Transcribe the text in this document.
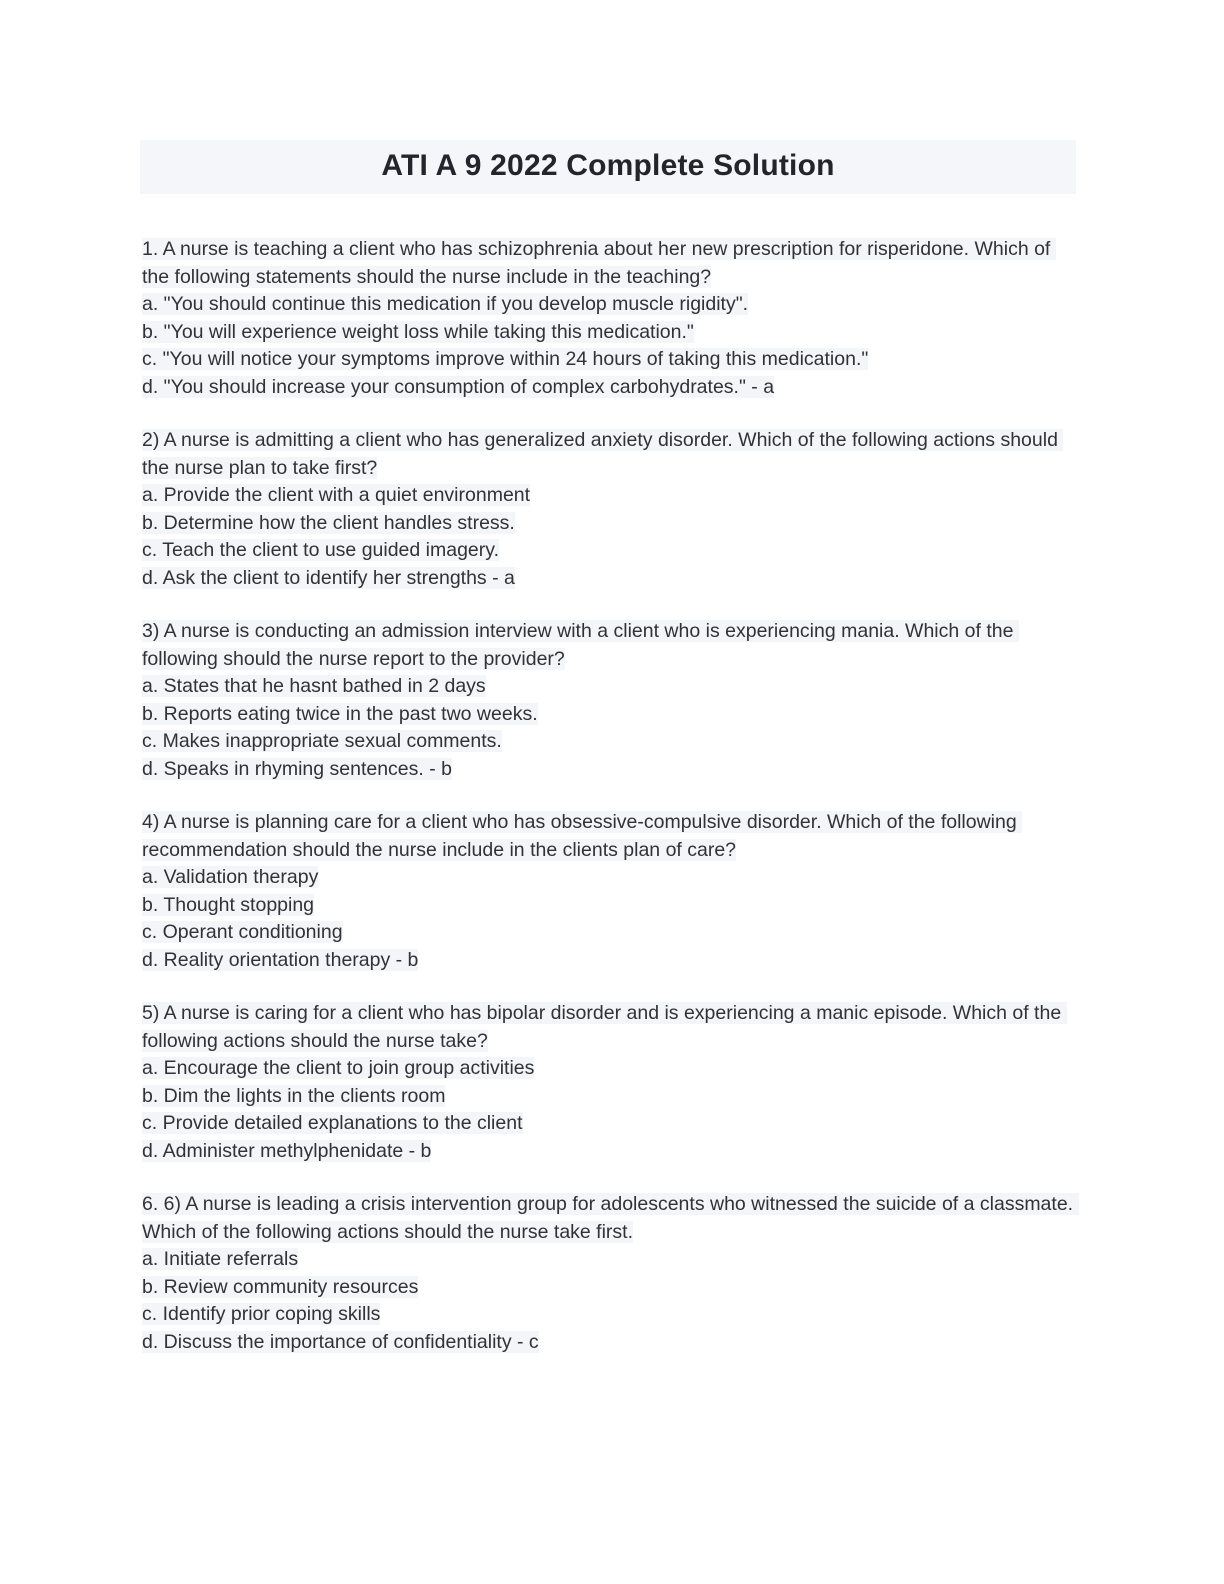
ATI A 9 2022 Complete Solution
1. A nurse is teaching a client who has schizophrenia about her new prescription for risperidone. Which of the following statements should the nurse include in the teaching?
a. "You should continue this medication if you develop muscle rigidity".
b. "You will experience weight loss while taking this medication."
c. "You will notice your symptoms improve within 24 hours of taking this medication."
d. "You should increase your consumption of complex carbohydrates." - a
2) A nurse is admitting a client who has generalized anxiety disorder. Which of the following actions should the nurse plan to take first?
a. Provide the client with a quiet environment
b. Determine how the client handles stress.
c. Teach the client to use guided imagery.
d. Ask the client to identify her strengths - a
3) A nurse is conducting an admission interview with a client who is experiencing mania. Which of the following should the nurse report to the provider?
a. States that he hasnt bathed in 2 days
b. Reports eating twice in the past two weeks.
c. Makes inappropriate sexual comments.
d. Speaks in rhyming sentences. - b
4) A nurse is planning care for a client who has obsessive-compulsive disorder. Which of the following recommendation should the nurse include in the clients plan of care?
a. Validation therapy
b. Thought stopping
c. Operant conditioning
d. Reality orientation therapy - b
5) A nurse is caring for a client who has bipolar disorder and is experiencing a manic episode. Which of the following actions should the nurse take?
a. Encourage the client to join group activities
b. Dim the lights in the clients room
c. Provide detailed explanations to the client
d. Administer methylphenidate - b
6. 6) A nurse is leading a crisis intervention group for adolescents who witnessed the suicide of a classmate. Which of the following actions should the nurse take first.
a. Initiate referrals
b. Review community resources
c. Identify prior coping skills
d. Discuss the importance of confidentiality - c
